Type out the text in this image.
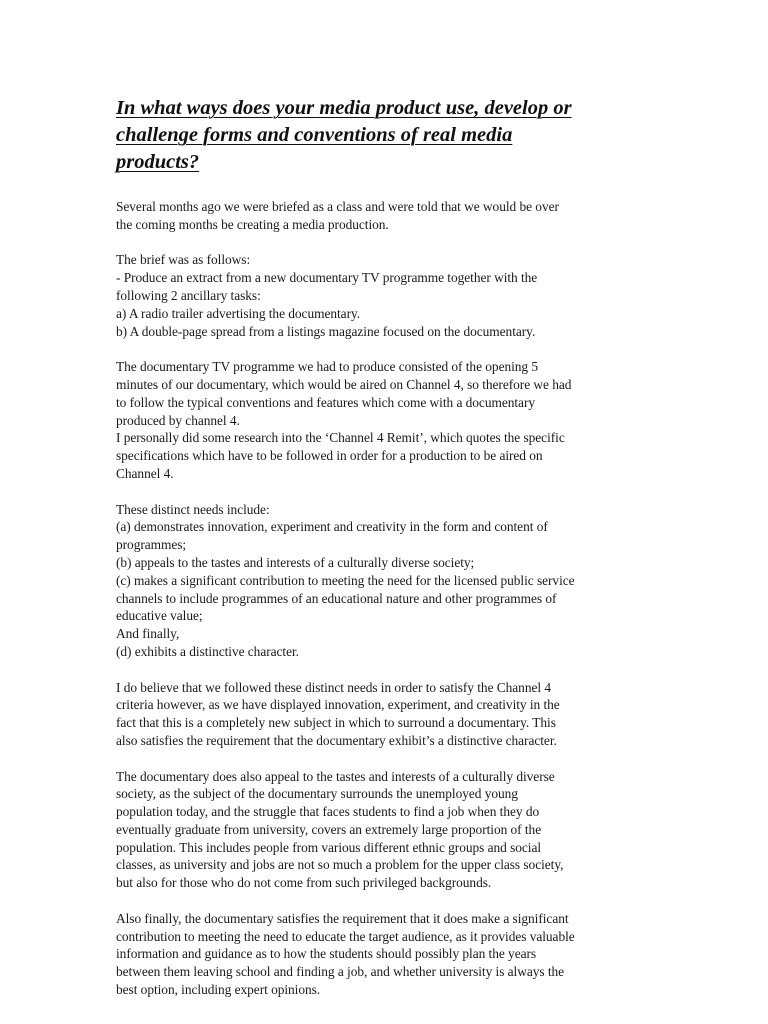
In what ways does your media product use, develop or
challenge forms and conventions of real media
products?
Several months ago we were briefed as a class and were told that we would be over
the coming months be creating a media production.
The brief was as follows:
- Produce an extract from a new documentary TV programme together with the
following 2 ancillary tasks:
a) A radio trailer advertising the documentary.
b) A double-page spread from a listings magazine focused on the documentary.
The documentary TV programme we had to produce consisted of the opening 5
minutes of our documentary, which would be aired on Channel 4, so therefore we had
to follow the typical conventions and features which come with a documentary
produced by channel 4.
I personally did some research into the ‘Channel 4 Remit’, which quotes the specific
specifications which have to be followed in order for a production to be aired on
Channel 4.
These distinct needs include:
(a) demonstrates innovation, experiment and creativity in the form and content of
programmes;
(b) appeals to the tastes and interests of a culturally diverse society;
(c) makes a significant contribution to meeting the need for the licensed public service
channels to include programmes of an educational nature and other programmes of
educative value;
And finally,
(d) exhibits a distinctive character.
I do believe that we followed these distinct needs in order to satisfy the Channel 4
criteria however, as we have displayed innovation, experiment, and creativity in the
fact that this is a completely new subject in which to surround a documentary. This
also satisfies the requirement that the documentary exhibit’s a distinctive character.
The documentary does also appeal to the tastes and interests of a culturally diverse
society, as the subject of the documentary surrounds the unemployed young
population today, and the struggle that faces students to find a job when they do
eventually graduate from university, covers an extremely large proportion of the
population. This includes people from various different ethnic groups and social
classes, as university and jobs are not so much a problem for the upper class society,
but also for those who do not come from such privileged backgrounds.
Also finally, the documentary satisfies the requirement that it does make a significant
contribution to meeting the need to educate the target audience, as it provides valuable
information and guidance as to how the students should possibly plan the years
between them leaving school and finding a job, and whether university is always the
best option, including expert opinions.
